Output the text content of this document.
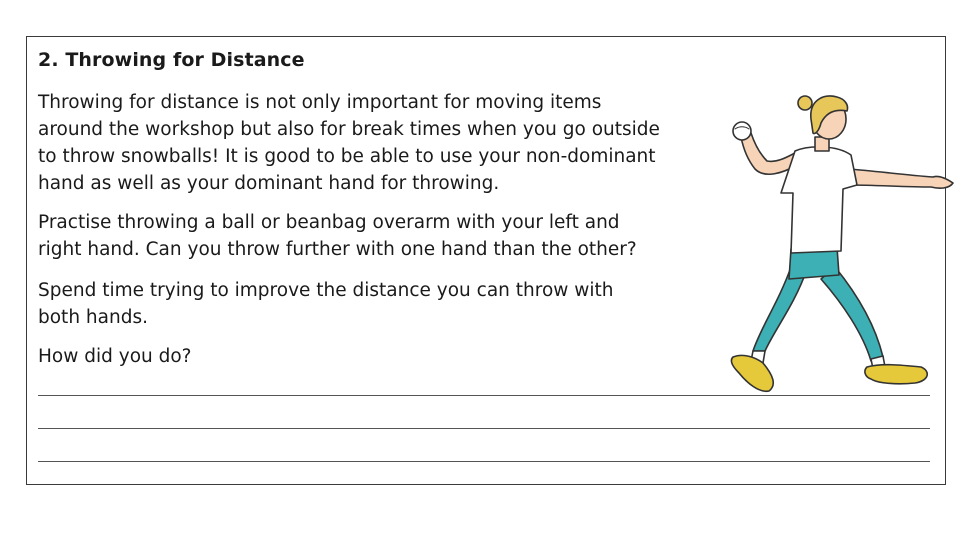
2. Throwing for Distance

Throwing for distance is not only important for moving items
around the workshop but also for break times when you go outside
to throw snowballs! It is good to be able to use your non-dominant
hand as well as your dominant hand for throwing.

Practise throwing a ball or beanbag overarm with your left and
right hand. Can you throw further with one hand than the other?

Spend time trying to improve the distance you can throw with
both hands.

How did you do?
